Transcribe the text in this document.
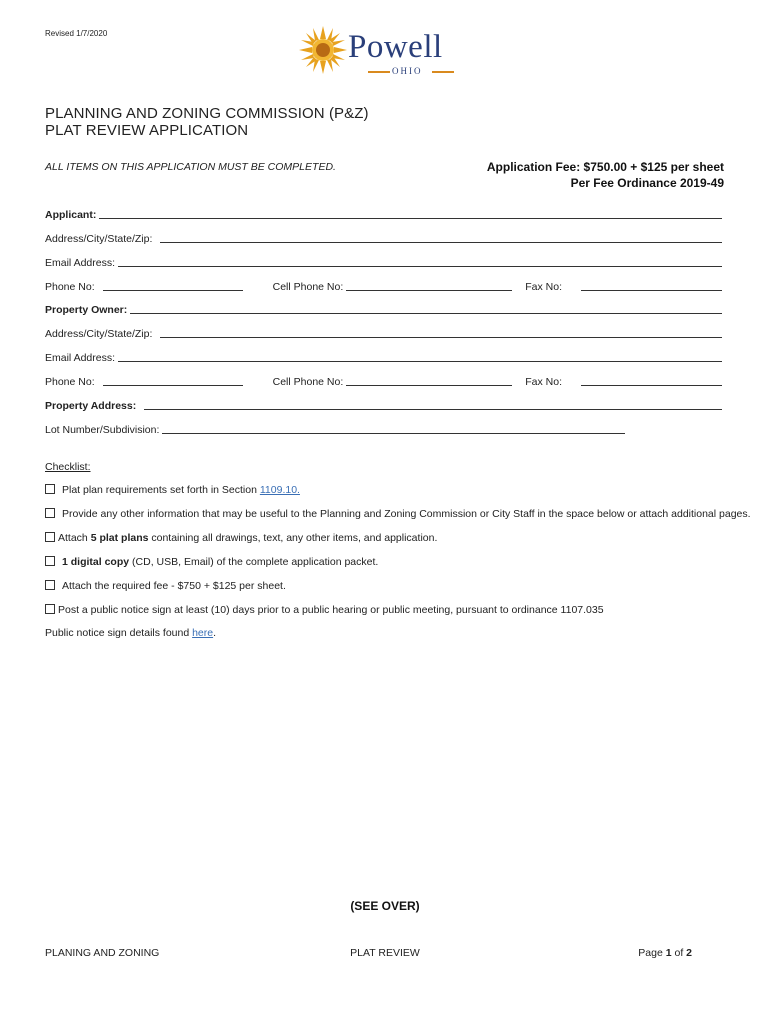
Revised 1/7/2020	Powell
OHIO
PLANNING AND ZONING COMMISSION (P&Z)
PLAT REVIEW APPLICATION
ALL ITEMS ON THIS APPLICATION MUST BE COMPLETED.	Application Fee: $750.00 + $125 per sheet
Per Fee Ordinance 2019-49
Applicant:
Address/City/State/Zip:
Email Address:
Phone No:	Cell Phone No:	Fax No:
Property Owner:
Address/City/State/Zip:
Email Address:
Phone No:	Cell Phone No:	Fax No:
Property Address:
Lot Number/Subdivision:
Checklist:
Plat plan requirements set forth in Section 1109.10.
Provide any other information that may be useful to the Planning and Zoning Commission or City Staff in the space below or attach additional pages.
Attach 5 plat plans containing all drawings, text, any other items, and application.
1 digital copy (CD, USB, Email) of the complete application packet.
Attach the required fee - $750 + $125 per sheet.
Post a public notice sign at least (10) days prior to a public hearing or public meeting, pursuant to ordinance 1107.035
Public notice sign details found here.
(SEE OVER)
PLANING AND ZONING	PLAT REVIEW	Page 1 of 2
